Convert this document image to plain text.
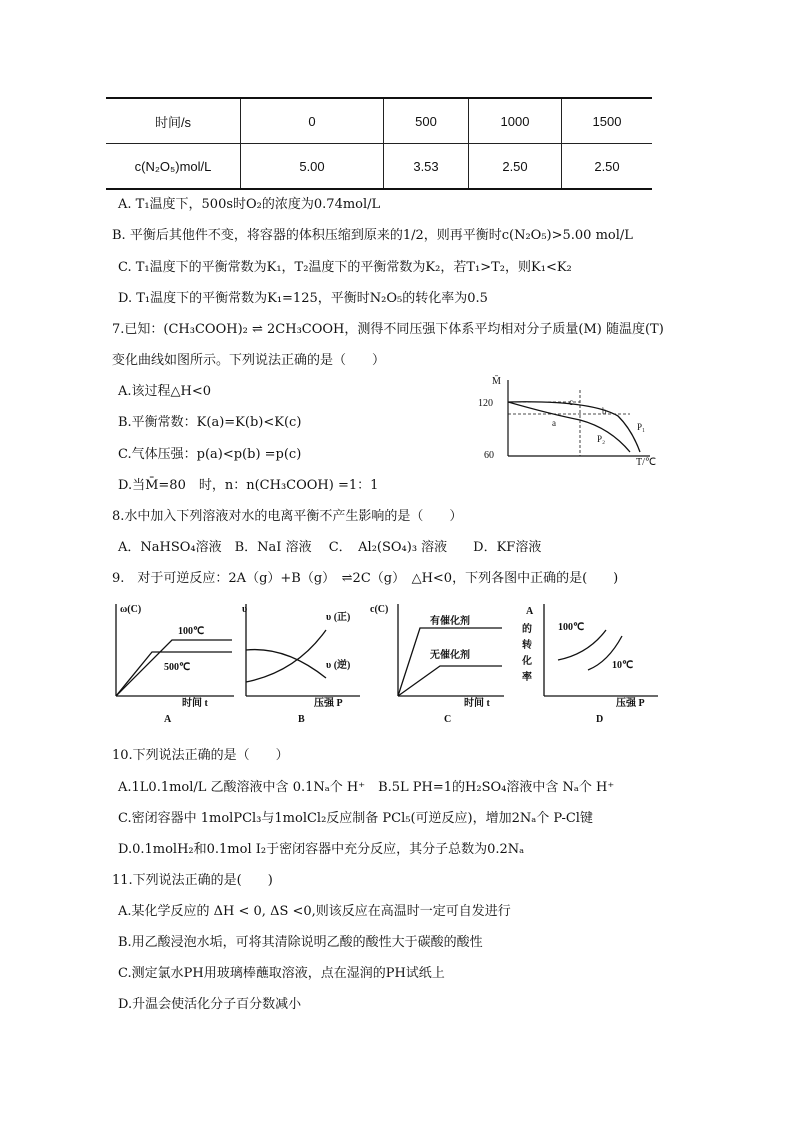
时间/s	0	500	1000	1500
c(N₂O₅)mol/L	5.00	3.53	2.50	2.50
A. T₁温度下，500s时O₂的浓度为0.74mol/L
B. 平衡后其他件不变，将容器的体积压缩到原来的1/2，则再平衡时c(N₂O₅)>5.00 mol/L
C. T₁温度下的平衡常数为K₁，T₂温度下的平衡常数为K₂，若T₁>T₂，则K₁<K₂
D. T₁温度下的平衡常数为K₁=125，平衡时N₂O₅的转化率为0.5
7.已知：(CH₃COOH)₂ ⇌ 2CH₃COOH，测得不同压强下体系平均相对分子质量(M) 随温度(T)
变化曲线如图所示。下列说法正确的是（　　）
A.该过程△H<0
B.平衡常数：K(a)=K(b)<K(c)
C.气体压强：p(a)<p(b) =p(c)
D.当M̄=80　时，n：n(CH₃COOH) =1：1
M̄
120
60
T/℃
a
b
c
P₁
P₂
8.水中加入下列溶液对水的电离平衡不产生影响的是（　　）
A．NaHSO₄溶液　B．NaI 溶液　 C．　Al₂(SO₄)₃ 溶液　　D．KF溶液
9.　对于可逆反应：2A（g）+B（g）　⇌2C（g）　△H<0，下列各图中正确的是(　　)
ω(C)
时间 t
100℃
500℃
A
υ
压强 P
υ (正)
υ (逆)
B
c(C)
时间 t
有催化剂
无催化剂
C
A
的
转
化
率
压强 P
100℃
10℃
D
10.下列说法正确的是（　　）
A.1L0.1mol/L 乙酸溶液中含 0.1Nₐ个 H⁺　B.5L PH=1的H₂SO₄溶液中含 Nₐ个 H⁺
C.密闭容器中 1molPCl₃与1molCl₂反应制备 PCl₅(可逆反应)，增加2Nₐ个 P-Cl键
D.0.1molH₂和0.1mol I₂于密闭容器中充分反应，其分子总数为0.2Nₐ
11.下列说法正确的是(　　)
A.某化学反应的 ΔH < 0, ΔS <0,则该反应在高温时一定可自发进行
B.用乙酸浸泡水垢，可将其清除说明乙酸的酸性大于碳酸的酸性
C.测定氯水PH用玻璃棒蘸取溶液，点在湿润的PH试纸上
D.升温会使活化分子百分数减小
